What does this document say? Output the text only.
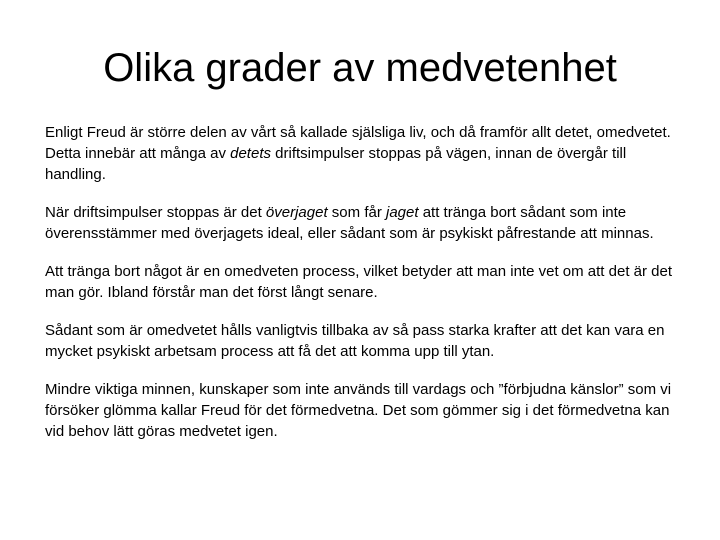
Olika grader av medvetenhet

Enligt Freud är större delen av vårt så kallade själsliga liv, och då framför allt detet, omedvetet. Detta innebär att många av detets driftsimpulser stoppas på vägen, innan de övergår till handling.

När driftsimpulser stoppas är det överjaget som får jaget att tränga bort sådant som inte överensstämmer med överjagets ideal, eller sådant som är psykiskt påfrestande att minnas.

Att tränga bort något är en omedveten process, vilket betyder att man inte vet om att det är det man gör. Ibland förstår man det först långt senare.

Sådant som är omedvetet hålls vanligtvis tillbaka av så pass starka krafter att det kan vara en mycket psykiskt arbetsam process att få det att komma upp till ytan.

Mindre viktiga minnen, kunskaper som inte används till vardags och ”förbjudna känslor” som vi försöker glömma kallar Freud för det förmedvetna. Det som gömmer sig i det förmedvetna kan vid behov lätt göras medvetet igen.
